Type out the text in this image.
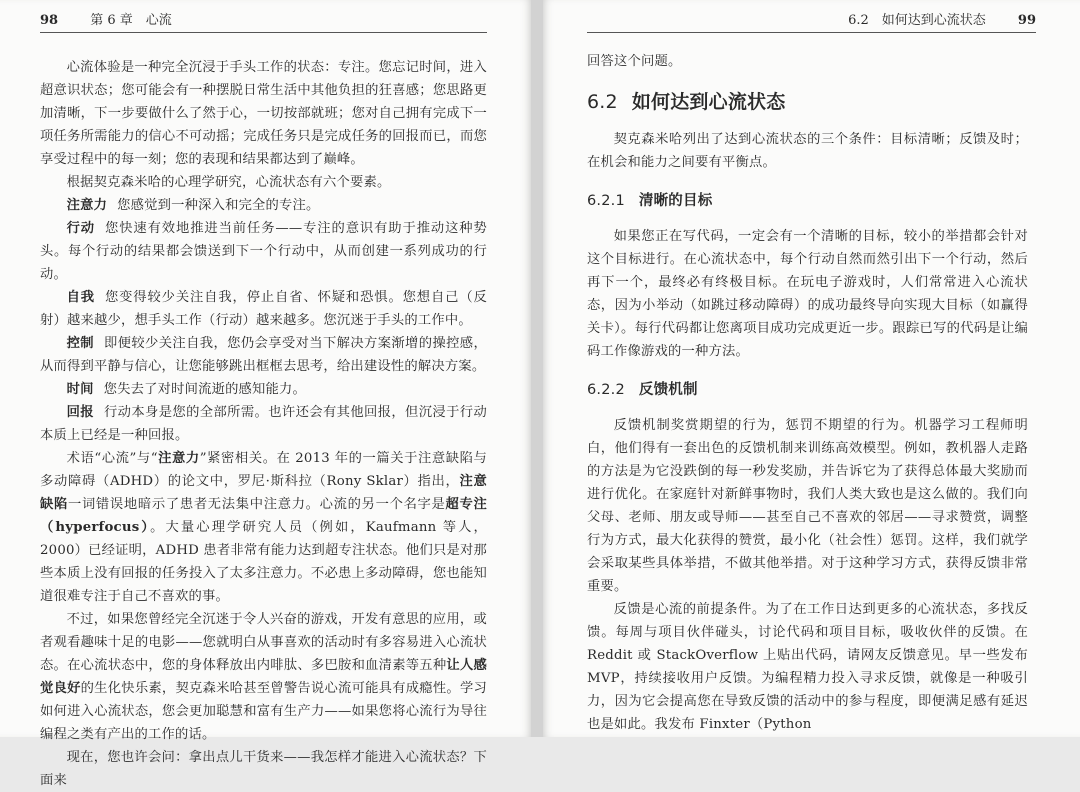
98 第 6 章　心流

心流体验是一种完全沉浸于手头工作的状态：专注。您忘记时间，进入超意识状态；您可能会有一种摆脱日常生活中其他负担的狂喜感；您思路更加清晰，下一步要做什么了然于心，一切按部就班；您对自己拥有完成下一项任务所需能力的信心不可动摇；完成任务只是完成任务的回报而已，而您享受过程中的每一刻；您的表现和结果都达到了巅峰。

根据契克森米哈的心理学研究，心流状态有六个要素。

注意力 您感觉到一种深入和完全的专注。

行动 您快速有效地推进当前任务——专注的意识有助于推动这种势头。每个行动的结果都会馈送到下一个行动中，从而创建一系列成功的行动。

自我 您变得较少关注自我，停止自省、怀疑和恐惧。您想自己（反射）越来越少，想手头工作（行动）越来越多。您沉迷于手头的工作中。

控制 即便较少关注自我，您仍会享受对当下解决方案渐增的操控感，从而得到平静与信心，让您能够跳出框框去思考，给出建设性的解决方案。

时间 您失去了对时间流逝的感知能力。

回报 行动本身是您的全部所需。也许还会有其他回报，但沉浸于行动本质上已经是一种回报。

术语“心流”与“注意力”紧密相关。在 2013 年的一篇关于注意缺陷与多动障碍（ADHD）的论文中，罗尼·斯科拉（Rony Sklar）指出，注意缺陷一词错误地暗示了患者无法集中注意力。心流的另一个名字是超专注（hyperfocus）。大量心理学研究人员（例如，Kaufmann 等人，2000）已经证明，ADHD 患者非常有能力达到超专注状态。他们只是对那些本质上没有回报的任务投入了太多注意力。不必患上多动障碍，您也能知道很难专注于自己不喜欢的事。

不过，如果您曾经完全沉迷于令人兴奋的游戏，开发有意思的应用，或者观看趣味十足的电影——您就明白从事喜欢的活动时有多容易进入心流状态。在心流状态中，您的身体释放出内啡肽、多巴胺和血清素等五种让人感觉良好的生化快乐素，契克森米哈甚至曾警告说心流可能具有成瘾性。学习如何进入心流状态，您会更加聪慧和富有生产力——如果您将心流行为导往编程之类有产出的工作的话。

现在，您也许会问：拿出点儿干货来——我怎样才能进入心流状态？下面来

6.2　如何达到心流状态 99

回答这个问题。

6.2 如何达到心流状态

契克森米哈列出了达到心流状态的三个条件：目标清晰；反馈及时；在机会和能力之间要有平衡点。

6.2.1 清晰的目标

如果您正在写代码，一定会有一个清晰的目标，较小的举措都会针对这个目标进行。在心流状态中，每个行动自然而然引出下一个行动，然后再下一个，最终必有终极目标。在玩电子游戏时，人们常常进入心流状态，因为小举动（如跳过移动障碍）的成功最终导向实现大目标（如赢得关卡）。每行代码都让您离项目成功完成更近一步。跟踪已写的代码是让编码工作像游戏的一种方法。

6.2.2 反馈机制

反馈机制奖赏期望的行为，惩罚不期望的行为。机器学习工程师明白，他们得有一套出色的反馈机制来训练高效模型。例如，教机器人走路的方法是为它没跌倒的每一秒发奖励，并告诉它为了获得总体最大奖励而进行优化。在家庭针对新鲜事物时，我们人类大致也是这么做的。我们向父母、老师、朋友或导师——甚至自己不喜欢的邻居——寻求赞赏，调整行为方式，最大化获得的赞赏，最小化（社会性）惩罚。这样，我们就学会采取某些具体举措，不做其他举措。对于这种学习方式，获得反馈非常重要。

反馈是心流的前提条件。为了在工作日达到更多的心流状态，多找反馈。每周与项目伙伴碰头，讨论代码和项目目标，吸收伙伴的反馈。在 Reddit 或 StackOverflow 上贴出代码，请网友反馈意见。早一些发布 MVP，持续接收用户反馈。为编程精力投入寻求反馈，就像是一种吸引力，因为它会提高您在导致反馈的活动中的参与程度，即便满足感有延迟也是如此。我发布 Finxter（Python
